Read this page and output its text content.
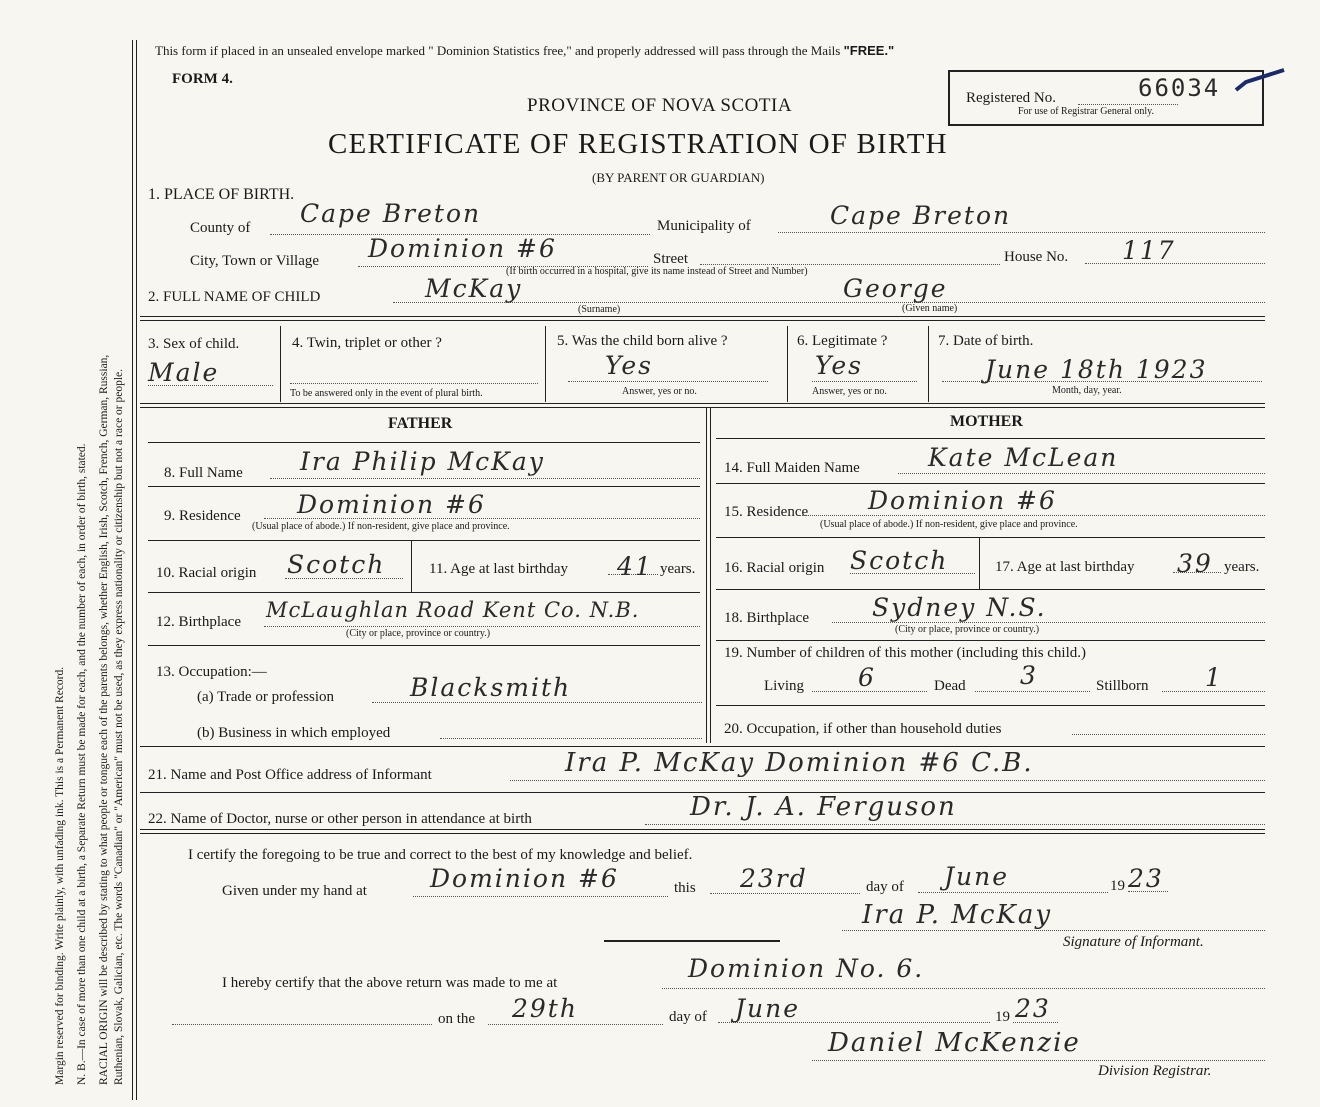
Margin reserved for binding. Write plainly, with unfading ink. This is a Permanent Record. N. B.—In case of more than one child at a birth, a Separate Return must be made for each, and the number of each, in order of birth, stated. RACIAL ORIGIN will be described by stating to what people or tongue each of the parents belongs, whether English, Irish, Scotch, French, German, Russian, Ruthenian, Slovak, Galician, etc. The words "Canadian" or "American" must not be used, as they express nationality or citizenship but not a race or people.
This form if placed in an unsealed envelope marked " Dominion Statistics free," and properly addressed will pass through the Mails "FREE."
FORM 4.
PROVINCE OF NOVA SCOTIA
CERTIFICATE OF REGISTRATION OF BIRTH
(BY PARENT OR GUARDIAN)
Registered No.	66034
For use of Registrar General only.
1. PLACE OF BIRTH.
County of Cape Breton	Municipality of	Cape Breton
City, Town or Village Dominion #6	Street	House No. 117
(If birth occurred in a hospital, give its name instead of Street and Number)
2. FULL NAME OF CHILD	McKay	George
(Surname)	(Given name)
3. Sex of child.
Male
4. Twin, triplet or other ?
To be answered only in the event of plural birth.
5. Was the child born alive ?
Yes
Answer, yes or no.
6. Legitimate ?
Yes
Answer, yes or no.
7. Date of birth.
June 18th 1923
Month, day, year.
FATHER
8. Full Name Ira Philip McKay
9. Residence Dominion #6
(Usual place of abode.) If non-resident, give place and province.
10. Racial origin Scotch	11. Age at last birthday 41 years.
12. Birthplace McLaughlan Road Kent Co. N.B.
(City or place, province or country.)
13. Occupation:—
(a) Trade or profession	Blacksmith
(b) Business in which employed
MOTHER
14. Full Maiden Name	Kate McLean
15. Residence Dominion #6
(Usual place of abode.) If non-resident, give place and province.
16. Racial origin Scotch	17. Age at last birthday 39 years.
18. Birthplace	Sydney N.S.
(City or place, province or country.)
19. Number of children of this mother (including this child.)
Living 6	Dead 3	Stillborn 1
20. Occupation, if other than household duties
21. Name and Post Office address of Informant	Ira P. McKay Dominion #6 C.B.
22. Name of Doctor, nurse or other person in attendance at birth	Dr. J. A. Ferguson
I certify the foregoing to be true and correct to the best of my knowledge and belief.
Given under my hand at	Dominion #6	this 23rd	day of June	19 23
Ira P. McKay
Signature of Informant.
I hereby certify that the above return was made to me at	Dominion No. 6.
on the 29th	day of June	19 23
Daniel McKenzie
Division Registrar.
